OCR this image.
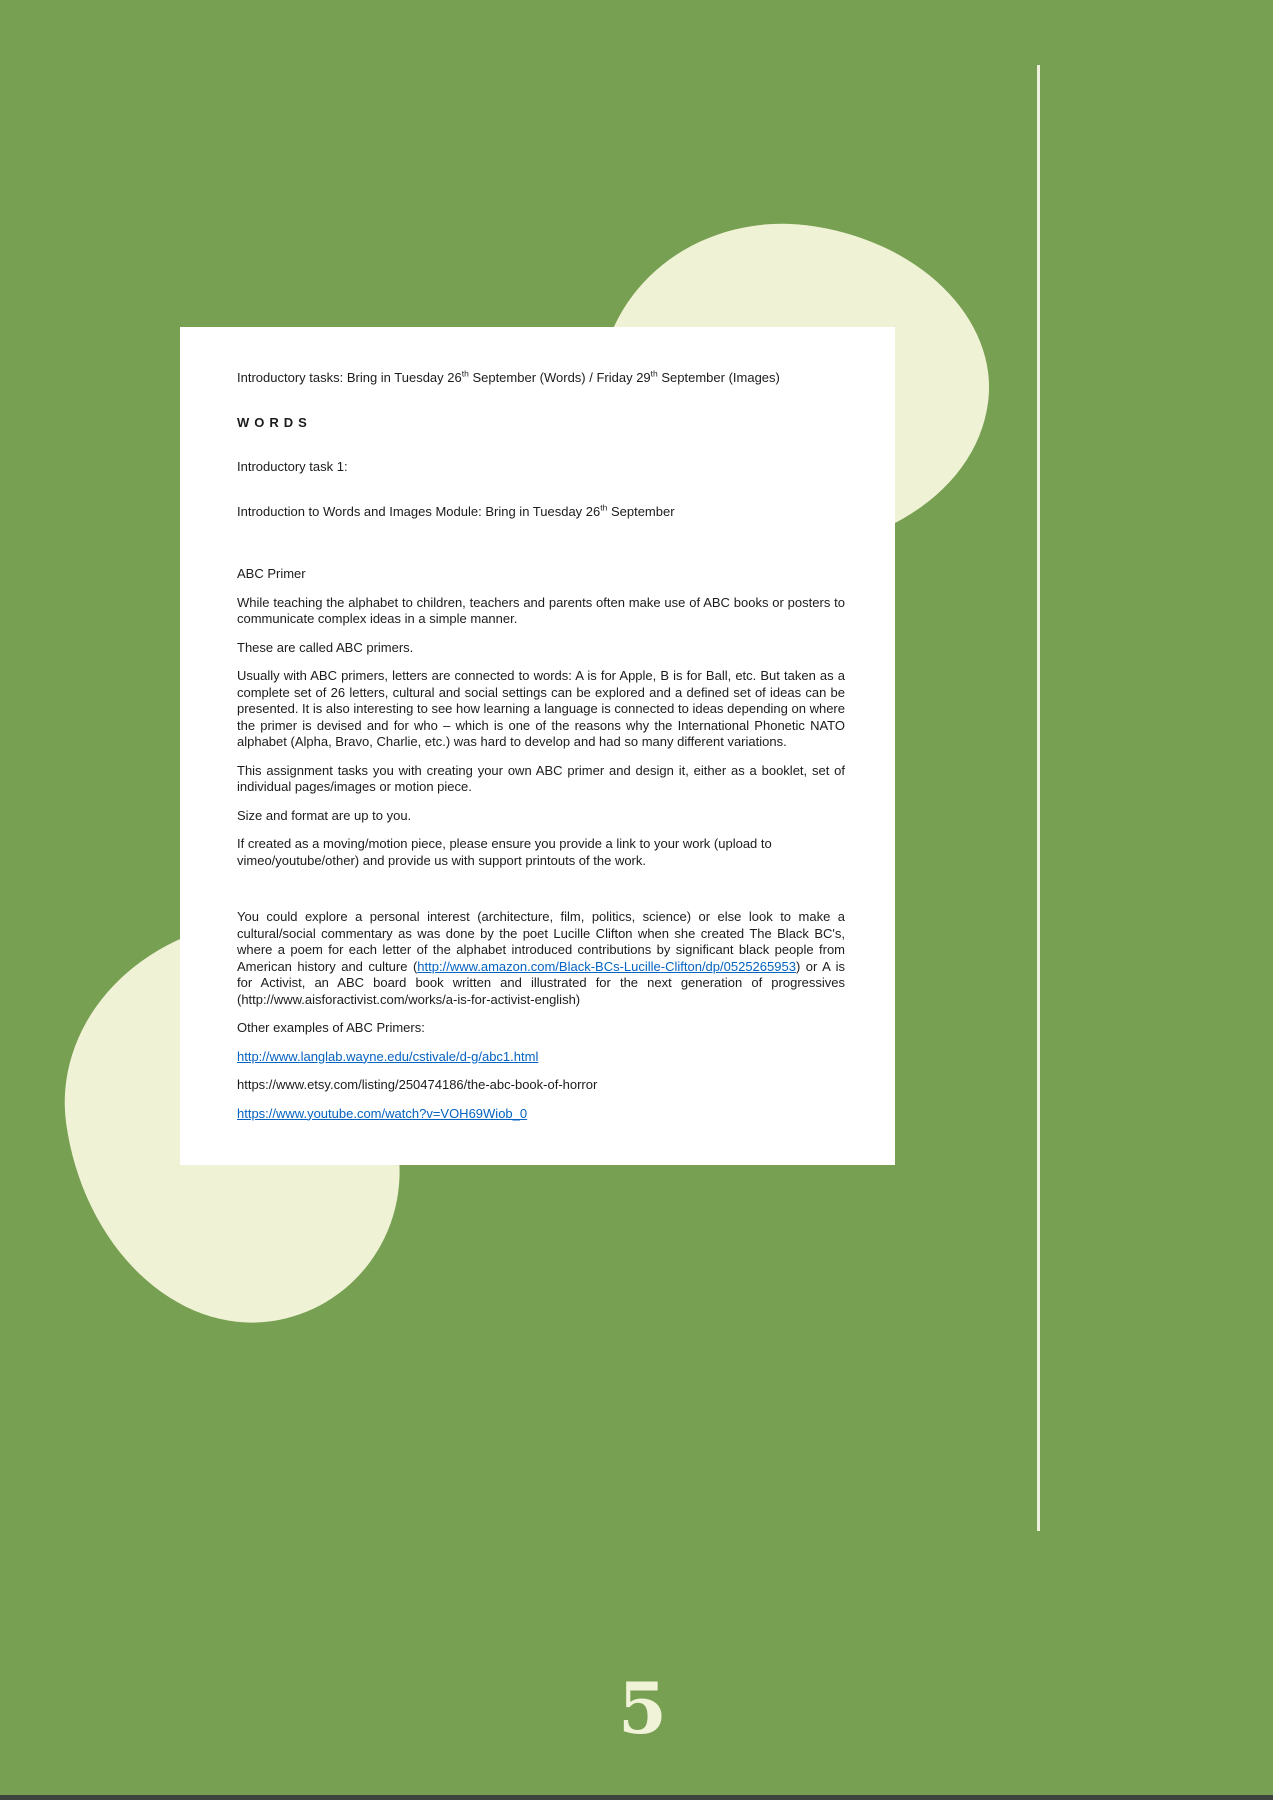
Introductory tasks: Bring in Tuesday 26th September (Words) / Friday 29th September (Images)

WORDS

Introductory task 1:

Introduction to Words and Images Module: Bring in Tuesday 26th September

ABC Primer

While teaching the alphabet to children, teachers and parents often make use of ABC books or posters to communicate complex ideas in a simple manner.

These are called ABC primers.

Usually with ABC primers, letters are connected to words: A is for Apple, B is for Ball, etc. But taken as a complete set of 26 letters, cultural and social settings can be explored and a defined set of ideas can be presented. It is also interesting to see how learning a language is connected to ideas depending on where the primer is devised and for who – which is one of the reasons why the International Phonetic NATO alphabet (Alpha, Bravo, Charlie, etc.) was hard to develop and had so many different variations.

This assignment tasks you with creating your own ABC primer and design it, either as a booklet, set of individual pages/images or motion piece.

Size and format are up to you.

If created as a moving/motion piece, please ensure you provide a link to your work (upload to vimeo/youtube/other) and provide us with support printouts of the work.

You could explore a personal interest (architecture, film, politics, science) or else look to make a cultural/social commentary as was done by the poet Lucille Clifton when she created The Black BC's, where a poem for each letter of the alphabet introduced contributions by significant black people from American history and culture (http://www.amazon.com/Black-BCs-Lucille-Clifton/dp/0525265953) or A is for Activist, an ABC board book written and illustrated for the next generation of progressives (http://www.aisforactivist.com/works/a-is-for-activist-english)

Other examples of ABC Primers:

http://www.langlab.wayne.edu/cstivale/d-g/abc1.html

https://www.etsy.com/listing/250474186/the-abc-book-of-horror

https://www.youtube.com/watch?v=VOH69Wiob_0

5
